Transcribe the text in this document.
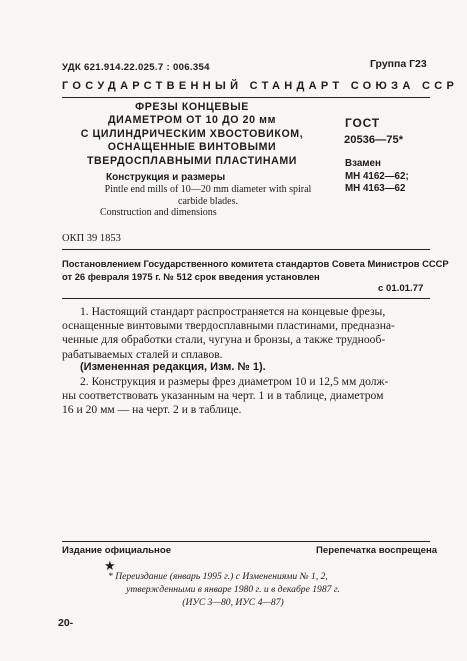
УДК 621.914.22.025.7 : 006.354	Группа Г23
ГОСУДАРСТВЕННЫЙ СТАНДАРТ СОЮЗА ССР
ФРЕЗЫ КОНЦЕВЫЕ
ДИАМЕТРОМ ОТ 10 ДО 20 мм
С ЦИЛИНДРИЧЕСКИМ ХВОСТОВИКОМ,
ОСНАЩЕННЫЕ ВИНТОВЫМИ
ТВЕРДОСПЛАВНЫМИ ПЛАСТИНАМИ
Конструкция и размеры
Pintle end mills of 10—20 mm diameter with spiral
carbide blades.
Construction and dimensions
ОКП 39 1853
ГОСТ
20536—75*
Взамен
МН 4162—62;
МН 4163—62
Постановлением Государственного комитета стандартов Совета Министров СССР
от 26 февраля 1975 г. № 512 срок введения установлен
с 01.01.77
1. Настоящий стандарт распространяется на концевые фрезы,
оснащенные винтовыми твердосплавными пластинами, предназна-
ченные для обработки стали, чугуна и бронзы, а также труднооб-
рабатываемых сталей и сплавов.
(Измененная редакция, Изм. № 1).
2. Конструкция и размеры фрез диаметром 10 и 12,5 мм долж-
ны соответствовать указанным на черт. 1 и в таблице, диаметром
16 и 20 мм — на черт. 2 и в таблице.
Издание официальное	Перепечатка воспрещена
★
* Переиздание (январь 1995 г.) с Изменениями № 1, 2,
утвержденными в январе 1980 г. и в декабре 1987 г.
(ИУС 3—80, ИУС 4—87)
20-
